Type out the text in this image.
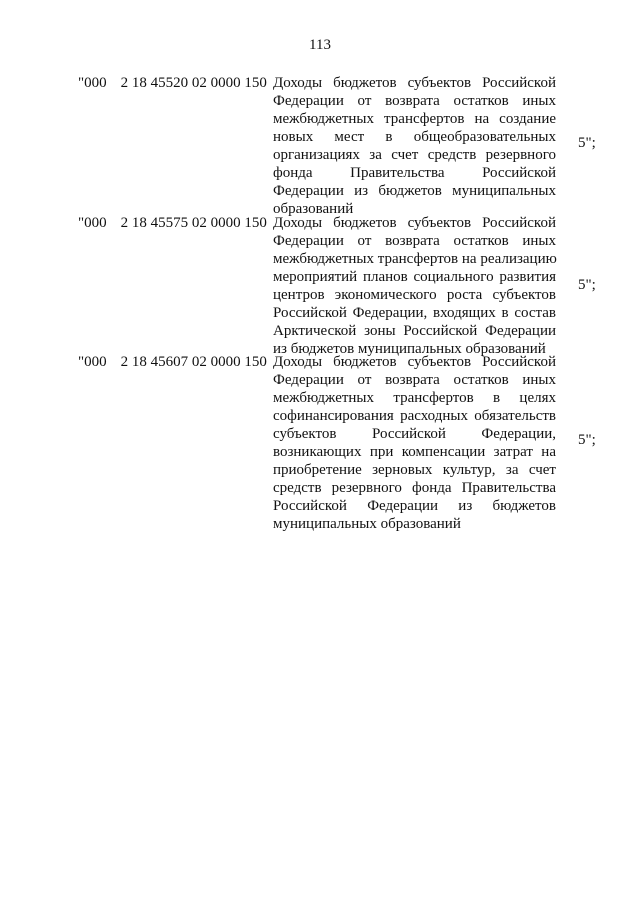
113
"000 2 18 45520 02 0000 150 Доходы бюджетов субъектов Российской
Федерации от возврата остатков иных
межбюджетных трансфертов на создание
новых мест в общеобразовательных
организациях за счет средств резервного
фонда Правительства Российской
Федерации из бюджетов муниципальных
образований
5";
"000 2 18 45575 02 0000 150 Доходы бюджетов субъектов Российской
Федерации от возврата остатков иных
межбюджетных трансфертов на реализацию
мероприятий планов социального развития
центров экономического роста субъектов
Российской Федерации, входящих в состав
Арктической зоны Российской Федерации
из бюджетов муниципальных образований
5";
"000 2 18 45607 02 0000 150 Доходы бюджетов субъектов Российской
Федерации от возврата остатков иных
межбюджетных трансфертов в целях
софинансирования расходных обязательств
субъектов Российской Федерации,
возникающих при компенсации затрат на
приобретение зерновых культур, за счет
средств резервного фонда Правительства
Российской Федерации из бюджетов
муниципальных образований
5";
